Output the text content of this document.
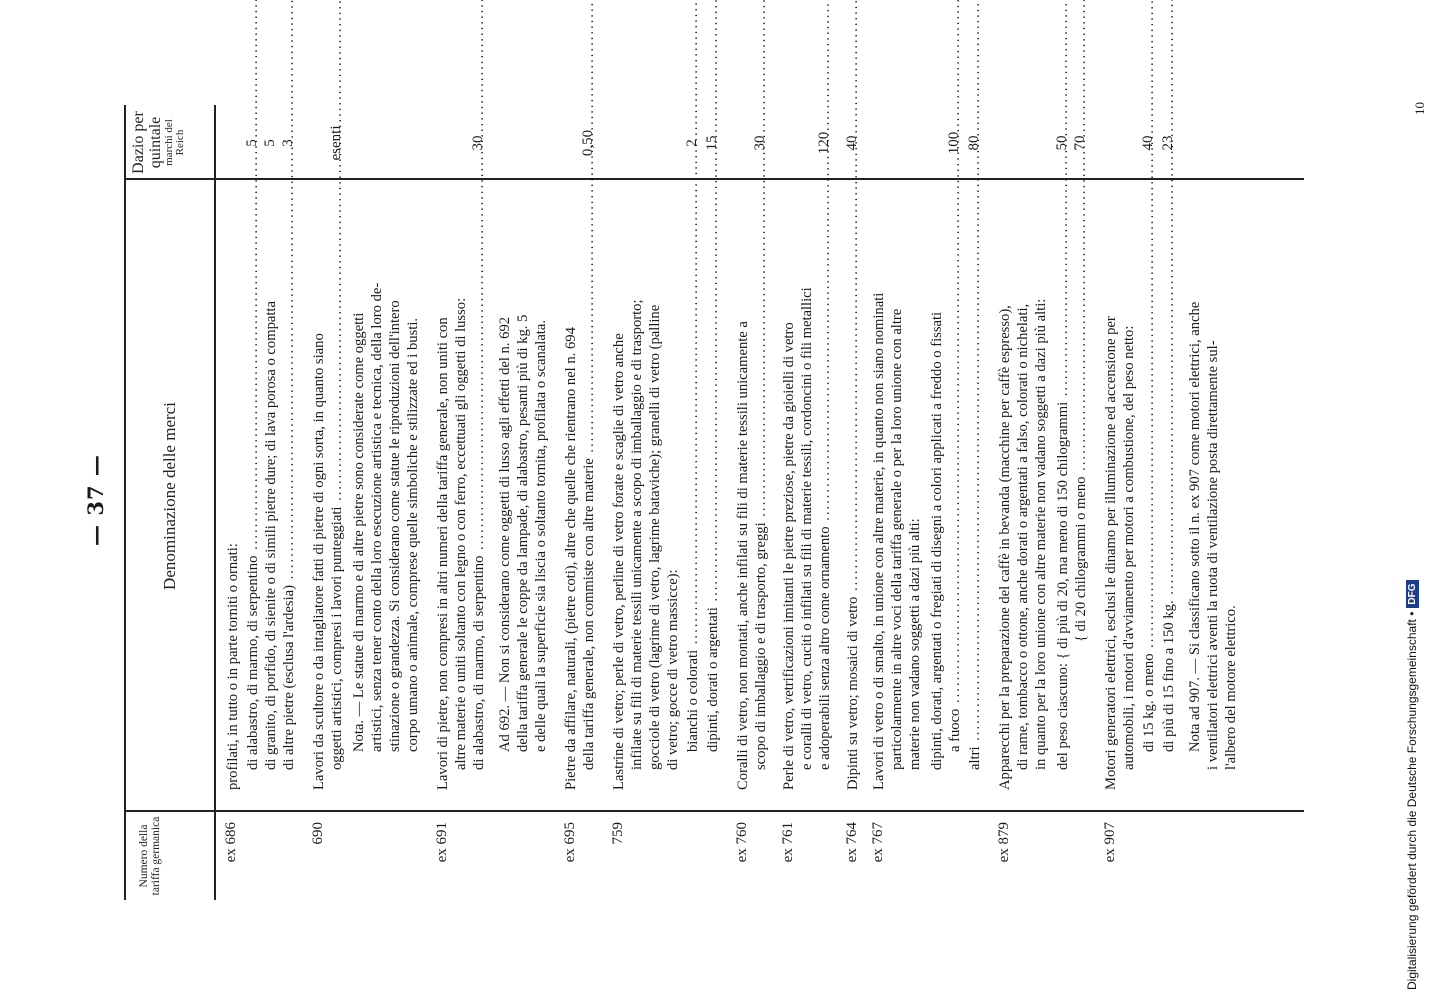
— 37 —
Numero della tariffa germanica
Denominazione delle merci
Dazio per quintale marchi del Reich
ex 686
profilati, in tutto o in parte torniti o ornati: di alabastro, di marmo, di serpentino .....
5
di granito, di porfido, di sienite o di simili pietre dure; di lava porosa o compatta
5
di altre pietre (esclusa l'ardesia) .....
3
690
Lavori da scultore o da intagliatore fatti di pietre di ogni sorta, in quanto siano oggetti artistici, compresi i lavori punteggiati .....
esenti
Nota. — Le statue di marmo e di altre pietre sono considerate come oggetti artistici, senza tener conto della loro esecuzione artistica e tecnica, della loro de- stinazione o grandezza. Si considerano come statue le riproduzioni dell'intero corpo umano o animale, comprese quelle simboliche e stilizzate ed i busti.
ex 691
Lavori di pietre, non compresi in altri numeri della tariffa generale, non uniti con altre materie o uniti soltanto con legno o con ferro, eccettuati gli oggetti di lusso: di alabastro, di marmo, di serpentino .....
30
Ad 692. — Non si considerano come oggetti di lusso agli effetti del n. 692 della tariffa generale le coppe da lampade, di alabastro, pesanti più di kg. 5 e delle quali la superficie sia liscia o soltanto tornita, profilata o scanalata.
ex 695
Pietre da affilare, naturali, (pietre coti), altre che quelle che rientrano nel n. 694 della tariffa generale, non commiste con altre materie .....
0,50
759
Lastrine di vetro; perle di vetro, perline di vetro forate e scaglie di vetro anche infilate su fili di materie tessili unicamente a scopo di imballaggio e di trasporto; gocciole di vetro (lagrime di vetro, lagrime bataviche); granelli di vetro (palline di vetro; gocce di vetro massicce): bianchi o colorati .....
2
dipinti, dorati o argentati .....
15
ex 760
Coralli di vetro, non montati, anche infilati su fili di materie tessili unicamente a scopo di imballaggio e di trasporto, greggi .....
30
ex 761
Perle di vetro, vetrificazioni imitanti le pietre preziose, pietre da gioielli di vetro e coralli di vetro, cuciti o infilati su fili di materie tessili, cordoncini o fili metallici e adoperabili senza altro come ornamento .....
120
ex 764
Dipinti su vetro; mosaici di vetro .....
40
ex 767
Lavori di vetro o di smalto, in unione con altre materie, in quanto non siano nominati particolarmente in altre voci della tariffa generale o per la loro unione con altre materie non vadano soggetti a dazi più alti: dipinti, dorati, argentati o fregiati di disegni a colori applicati a freddo o fissati a fuoco .....
100
altri .....
80
ex 879
Apparecchi per la preparazione del caffè in bevanda (macchine per caffè espresso), di rame, tombacco o ottone, anche dorati o argentati a falso, colorati o nichelati, in quanto per la loro unione con altre materie non vadano soggetti a dazi più alti: del peso ciascuno: { di più di 20, ma meno di 150 chilogrammi .....
50
{ di 20 chilogrammi o meno .....
70
ex 907
Motori generatori elettrici, esclusi le dinamo per illuminazione ed accensione per automobili, i motori d'avviamento per motori a combustione, del peso netto: di 15 kg. o meno .....
40
di più di 15 fino a 150 kg. .....
23
Nota ad 907. — Si classificano sotto il n. ex 907 come motori elettrici, anche i ventilatori elettrici aventi la ruota di ventilazione posta direttamente sul- l'albero del motore elettrico.
10
Digitalisierung gefördert durch die Deutsche Forschungsgemeinschaft •DFG
